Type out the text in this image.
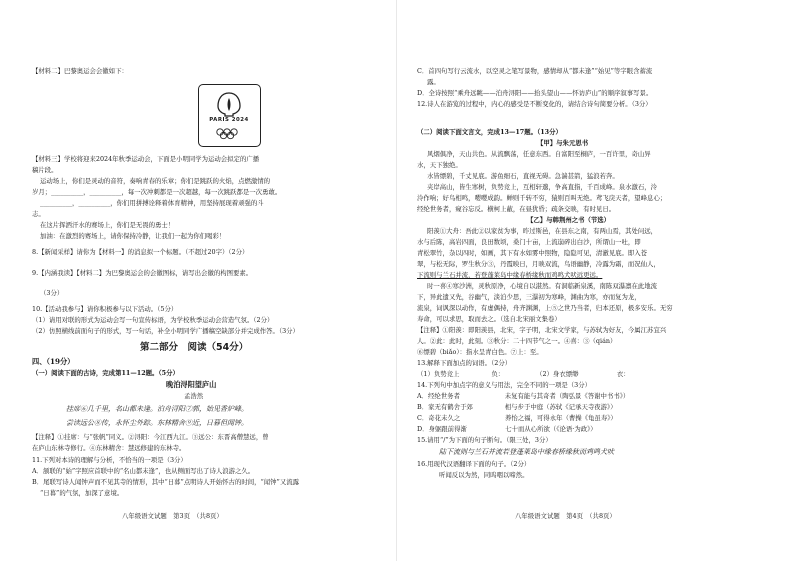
【材料二】巴黎奥运会会徽如下：
PARIS 2024
【材料三】学校将迎来2024年秋季运动会，下面是小明同学为运动会拟定的广播
稿片段。
运动场上，你们是灵动的音符，奏响青春的乐章；你们是跳跃的火焰，点燃激情的
岁月；__________，__________，每一次冲刺都是一次超越，每一次跳跃都是一次勇敢。
__________，__________，你们用拼搏诠释着体育精神，用坚持展现着顽强的斗
志。
在这片挥洒汗水的赛场上，你们是无畏的勇士！
加油：在激烈的赛场上，请你保持冷静，让我们一起为你们喝彩！
8.【新闻采样】请你为【材料一】的消息拟一个标题。（不超过20字）（2分）
9.【内涵我读】【材料二】为巴黎奥运会的会徽图标，请写出会徽的构图要素。
（3分）
10.【活动我参与】请你积极参与以下活动。（5分）
（1）请用对联的形式为运动会写一句宣传标语，为学校秋季运动会营造气氛。（2分）
（2）仿照横线前面句子的形式，写一句话，补全小明同学广播稿空缺部分并完成作答。（3分）
第二部分　阅读（54分）
四、（19分）
（一）阅读下面的古诗，完成第11—12题。（5分）
晚泊浔阳望庐山
孟浩然
挂席⑥几千里，名山都未逢。泊舟浔阳⑦郭，始见香炉峰。
尝读远公⑧传，永怀尘外踪。东林精舍⑨近，日暮但闻钟。
【注释】①挂席：与“张帆”同义。②浔阳：今江西九江。③远公：东晋高僧慧远，曾
在庐山东林寺修行。④东林精舍：慧远修建的东林寺。
11.下列对本诗的理解与分析，不恰当的一项是（3分）
A．颔联的“始”字照应首联中的“名山都未逢”，也从侧面写出了诗人浪游之久。
B．尾联写诗人闻钟声而不见其寺的情形，其中“日暮”点明诗人开始怀古的时间，“闻钟”又流露
“日暮”的气氛，加深了意境。
八年级语文试题　第3页　（共8页）
C．首四句写行云流水，以空灵之笔写景物，感情却从“都未逢”“始见”等字眼含蓄流
露。
D．全诗按照“乘舟远眺——泊舟浔阳——抬头望山——怀访庐山”的顺序叙事写景。
12.诗人在游览的过程中，内心的感受是不断变化的，请结合诗句简要分析。（3分）
（二）阅读下面文言文，完成13—17题。（13分）
【甲】与朱元思书
风烟俱净，天山共色。从流飘荡，任意东西。自富阳至桐庐，一百许里，奇山异
水，天下独绝。
水皆缥碧，千丈见底。游鱼细石，直视无碍。急湍甚箭，猛浪若奔。
夹岸高山，皆生寒树，负势竞上，互相轩邈，争高直指，千百成峰。泉水激石，泠
泠作响；好鸟相鸣，嘤嘤成韵。蝉则千转不穷，猿则百叫无绝。鸢飞戾天者，望峰息心；
经纶世务者，窥谷忘反。横柯上蔽，在昼犹昏；疏条交映，有时见日。
【乙】与韩荆州之书（节选）
阳羡①大舟：吾此②以家贫为事，昨过斯邑，在县东之南，有两山焉，其处问远，
水与后陈，高岩四面，良田数顷，桑门十亩，上流崩碎出白沙，所谓山一吐，即
青松翠竹，杂以四时，如画，其下有水如雾中照物，隐隐可见，清澈见底。即入苍
翠，与松无际，罗生秋分③，丹霞映日，月映双流，鸟语幽静，冷露为霜，而况仙人，
下流则与兰石并流，若登蓬莱岛中缘春桥缘秋而鸡鸣犬吠远更远。
时一喜④寒沙洲，灵秋原净，心境自以湛然。有洞临新泉溪，南陈双瀑凛在此地流
下，异此遗又先，谷幽气，淡泊少思，三瀑初为寒峰，渊曲为寒，亦而复为龙，
流泉，词讽深以动作，有虚偶持，舟齐渊渊，上⑤之世乃当者，归本还原，极多安乐。无穷
寿命，可以求思，取而去之。（选自北宋丽文集卷）
【注释】①阳羡：即阳羡县，北宋，字子明，北宋文学家，与苏轼为好友，今属江苏宜兴
人。②此：此时，此刻。③秋分：二十四节气之一。④喜：③（qián）
⑥缥碧（biǎo）：指水呈青白色。⑦上：至。
13.解释下面加点的词语。（2分）
（1）负势竞上　　　　　负：　　　　　　（2）身衣缥缈　　　　　　衣：
14.下列句中加点字的意义与用法，完全不同的一项是（3分）
A．经纶世务者　　　　　　　未复有能与其奇者（陶弘景《答谢中书书》）
B．家无有鹤舍于郊　　　　　相与步于中庭（苏轼《记承天寺夜游》）
C．奇花未久之　　　　　　　养怡之福，可得永年（曹操《龟虽寿》）
D．身躯跟前得渐　　　　　　七十而从心所欲（《论语·为政》）
15.请用“/”为下面的句子断句。（限三处，3分）
陆下流则与兰石并流若登蓬莱岛中缘春桥缘秋而鸡鸣犬吠
16.用现代汉语翻译下面的句子。（2分）
听闻反以为然，同呜咽以啼然。
八年级语文试题　第4页　（共8页）
